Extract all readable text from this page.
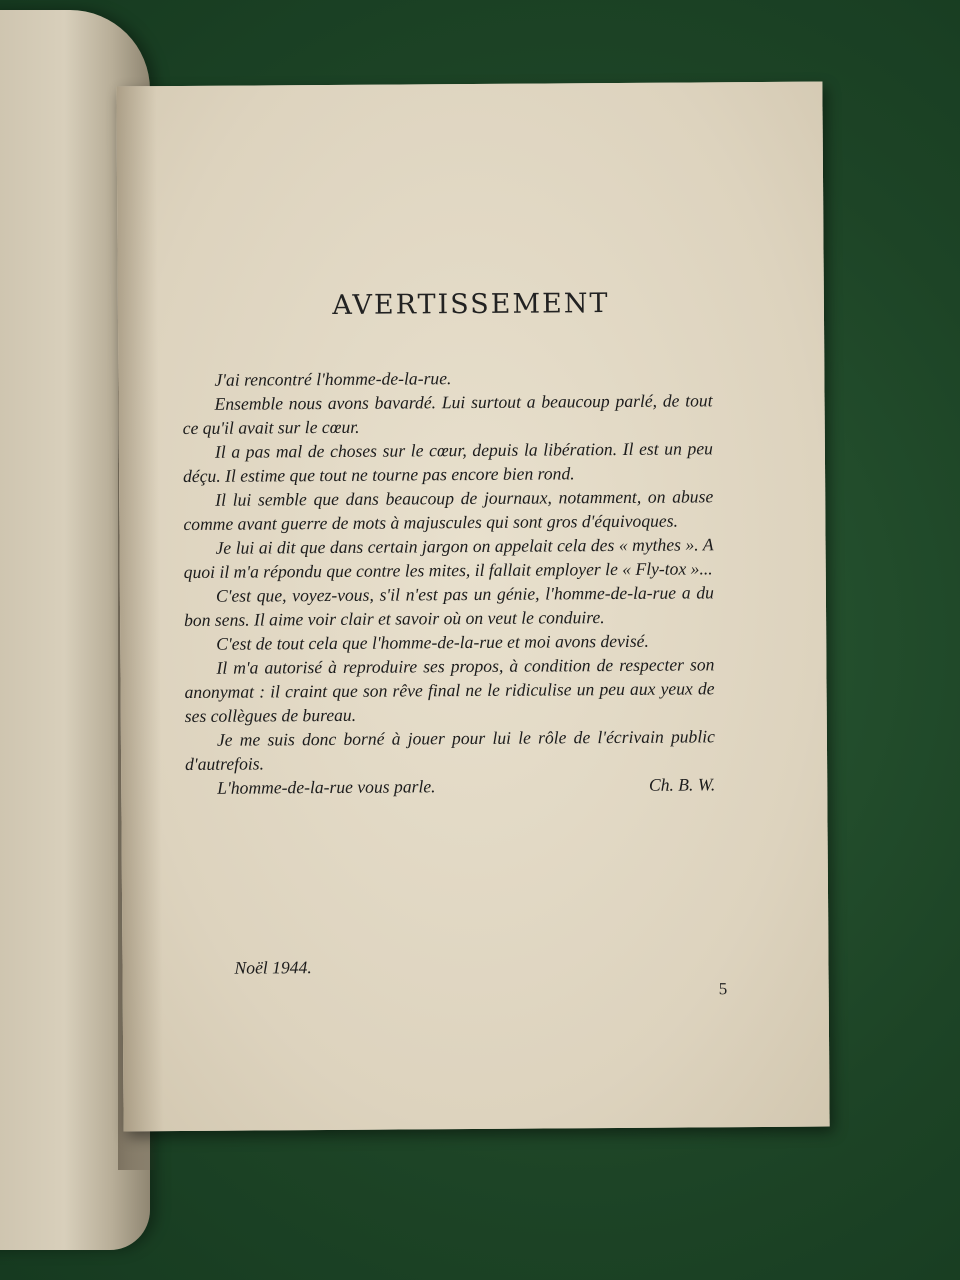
AVERTISSEMENT

J'ai rencontré l'homme-de-la-rue.

Ensemble nous avons bavardé. Lui surtout a beaucoup parlé, de tout ce qu'il avait sur le cœur.

Il a pas mal de choses sur le cœur, depuis la libération. Il est un peu déçu. Il estime que tout ne tourne pas encore bien rond.

Il lui semble que dans beaucoup de journaux, notamment, on abuse comme avant guerre de mots à majuscules qui sont gros d'équivoques.

Je lui ai dit que dans certain jargon on appelait cela des « mythes ». A quoi il m'a répondu que contre les mites, il fallait employer le « Fly-tox »...

C'est que, voyez-vous, s'il n'est pas un génie, l'homme-de-la-rue a du bon sens. Il aime voir clair et savoir où on veut le conduire.

C'est de tout cela que l'homme-de-la-rue et moi avons devisé.

Il m'a autorisé à reproduire ses propos, à condition de respecter son anonymat : il craint que son rêve final ne le ridiculise un peu aux yeux de ses collègues de bureau.

Je me suis donc borné à jouer pour lui le rôle de l'écrivain public d'autrefois.

L'homme-de-la-rue vous parle.	Ch. B. W.
Noël 1944.
5
